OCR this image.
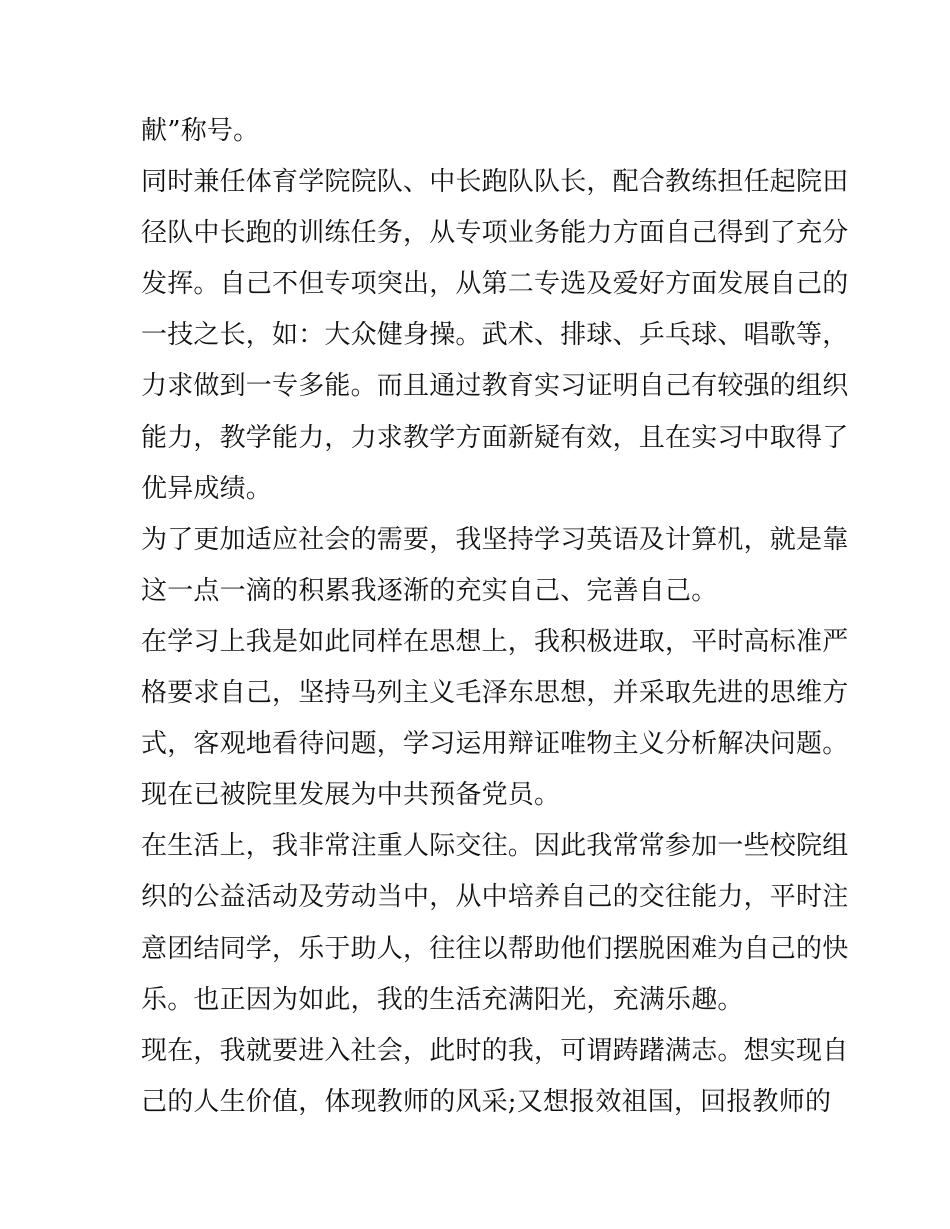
献”称号。

同时兼任体育学院院队、中长跑队队长，配合教练担任起院田

径队中长跑的训练任务，从专项业务能力方面自己得到了充分

发挥。自己不但专项突出，从第二专选及爱好方面发展自己的

一技之长，如：大众健身操。武术、排球、乒乓球、唱歌等，

力求做到一专多能。而且通过教育实习证明自己有较强的组织

能力，教学能力，力求教学方面新疑有效，且在实习中取得了

优异成绩。

为了更加适应社会的需要，我坚持学习英语及计算机，就是靠

这一点一滴的积累我逐渐的充实自己、完善自己。

在学习上我是如此同样在思想上，我积极进取，平时高标准严

格要求自己，坚持马列主义毛泽东思想，并采取先进的思维方

式，客观地看待问题，学习运用辩证唯物主义分析解决问题。

现在已被院里发展为中共预备党员。

在生活上，我非常注重人际交往。因此我常常参加一些校院组

织的公益活动及劳动当中，从中培养自己的交往能力，平时注

意团结同学，乐于助人，往往以帮助他们摆脱困难为自己的快

乐。也正因为如此，我的生活充满阳光，充满乐趣。

现在，我就要进入社会，此时的我，可谓踌躇满志。想实现自

己的人生价值，体现教师的风采;又想报效祖国，回报教师的
